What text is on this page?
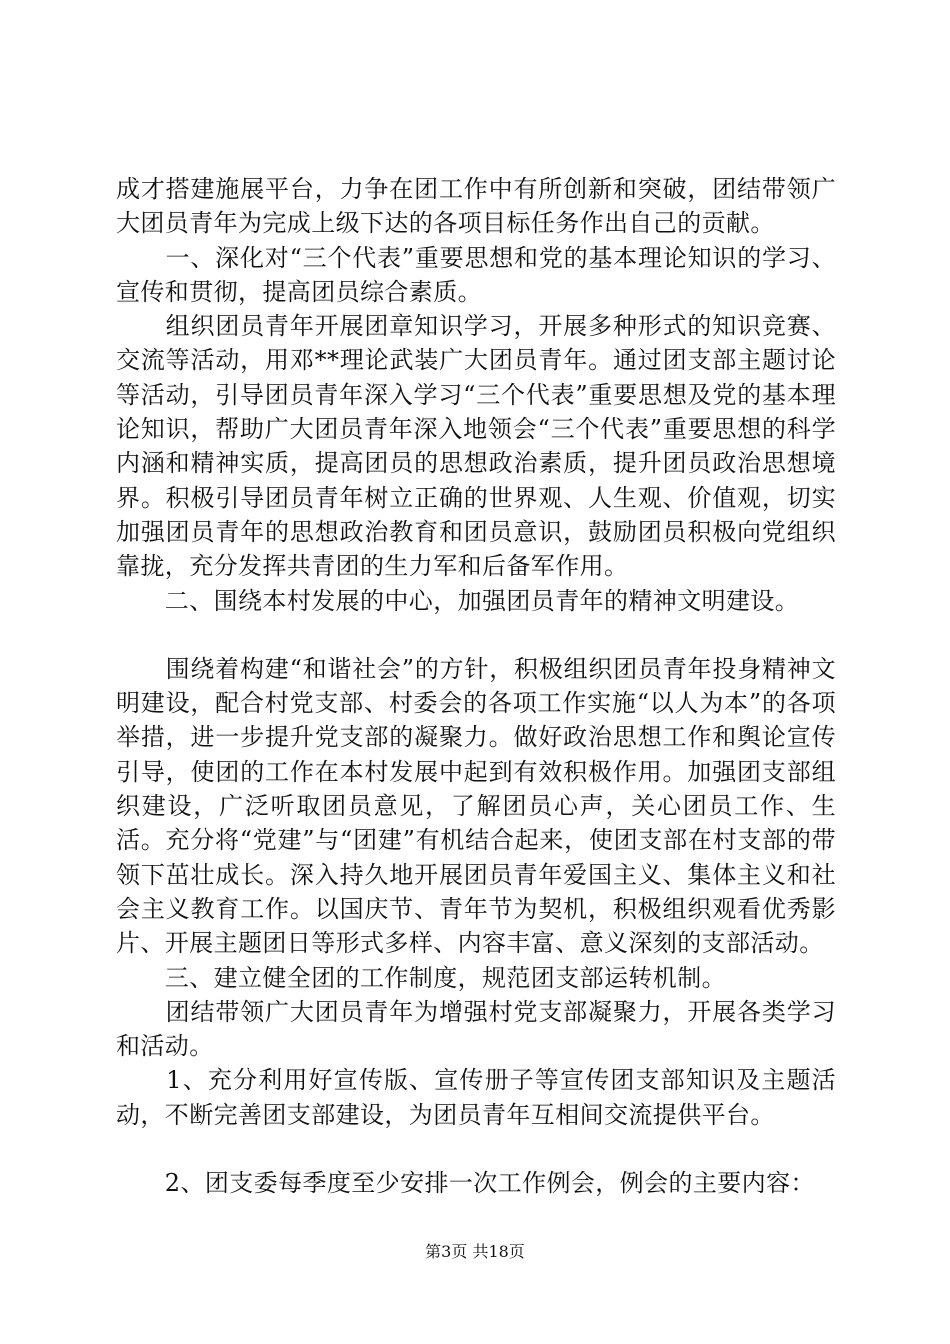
成才搭建施展平台，力争在团工作中有所创新和突破，团结带领广大团员青年为完成上级下达的各项目标任务作出自己的贡献。

　　一、深化对“三个代表”重要思想和党的基本理论知识的学习、宣传和贯彻，提高团员综合素质。

　　组织团员青年开展团章知识学习，开展多种形式的知识竞赛、交流等活动，用邓**理论武装广大团员青年。通过团支部主题讨论等活动，引导团员青年深入学习“三个代表”重要思想及党的基本理论知识，帮助广大团员青年深入地领会“三个代表”重要思想的科学内涵和精神实质，提高团员的思想政治素质，提升团员政治思想境界。积极引导团员青年树立正确的世界观、人生观、价值观，切实加强团员青年的思想政治教育和团员意识，鼓励团员积极向党组织靠拢，充分发挥共青团的生力军和后备军作用。

　　二、围绕本村发展的中心，加强团员青年的精神文明建设。

　　围绕着构建“和谐社会”的方针，积极组织团员青年投身精神文明建设，配合村党支部、村委会的各项工作实施“以人为本”的各项举措，进一步提升党支部的凝聚力。做好政治思想工作和舆论宣传引导，使团的工作在本村发展中起到有效积极作用。加强团支部组织建设，广泛听取团员意见，了解团员心声，关心团员工作、生活。充分将“党建”与“团建”有机结合起来，使团支部在村支部的带领下茁壮成长。深入持久地开展团员青年爱国主义、集体主义和社会主义教育工作。以国庆节、青年节为契机，积极组织观看优秀影片、开展主题团日等形式多样、内容丰富、意义深刻的支部活动。

　　三、建立健全团的工作制度，规范团支部运转机制。

　　团结带领广大团员青年为增强村党支部凝聚力，开展各类学习和活动。

　　1、充分利用好宣传版、宣传册子等宣传团支部知识及主题活动，不断完善团支部建设，为团员青年互相间交流提供平台。

　　2、团支委每季度至少安排一次工作例会，例会的主要内容：

第3页 共18页
